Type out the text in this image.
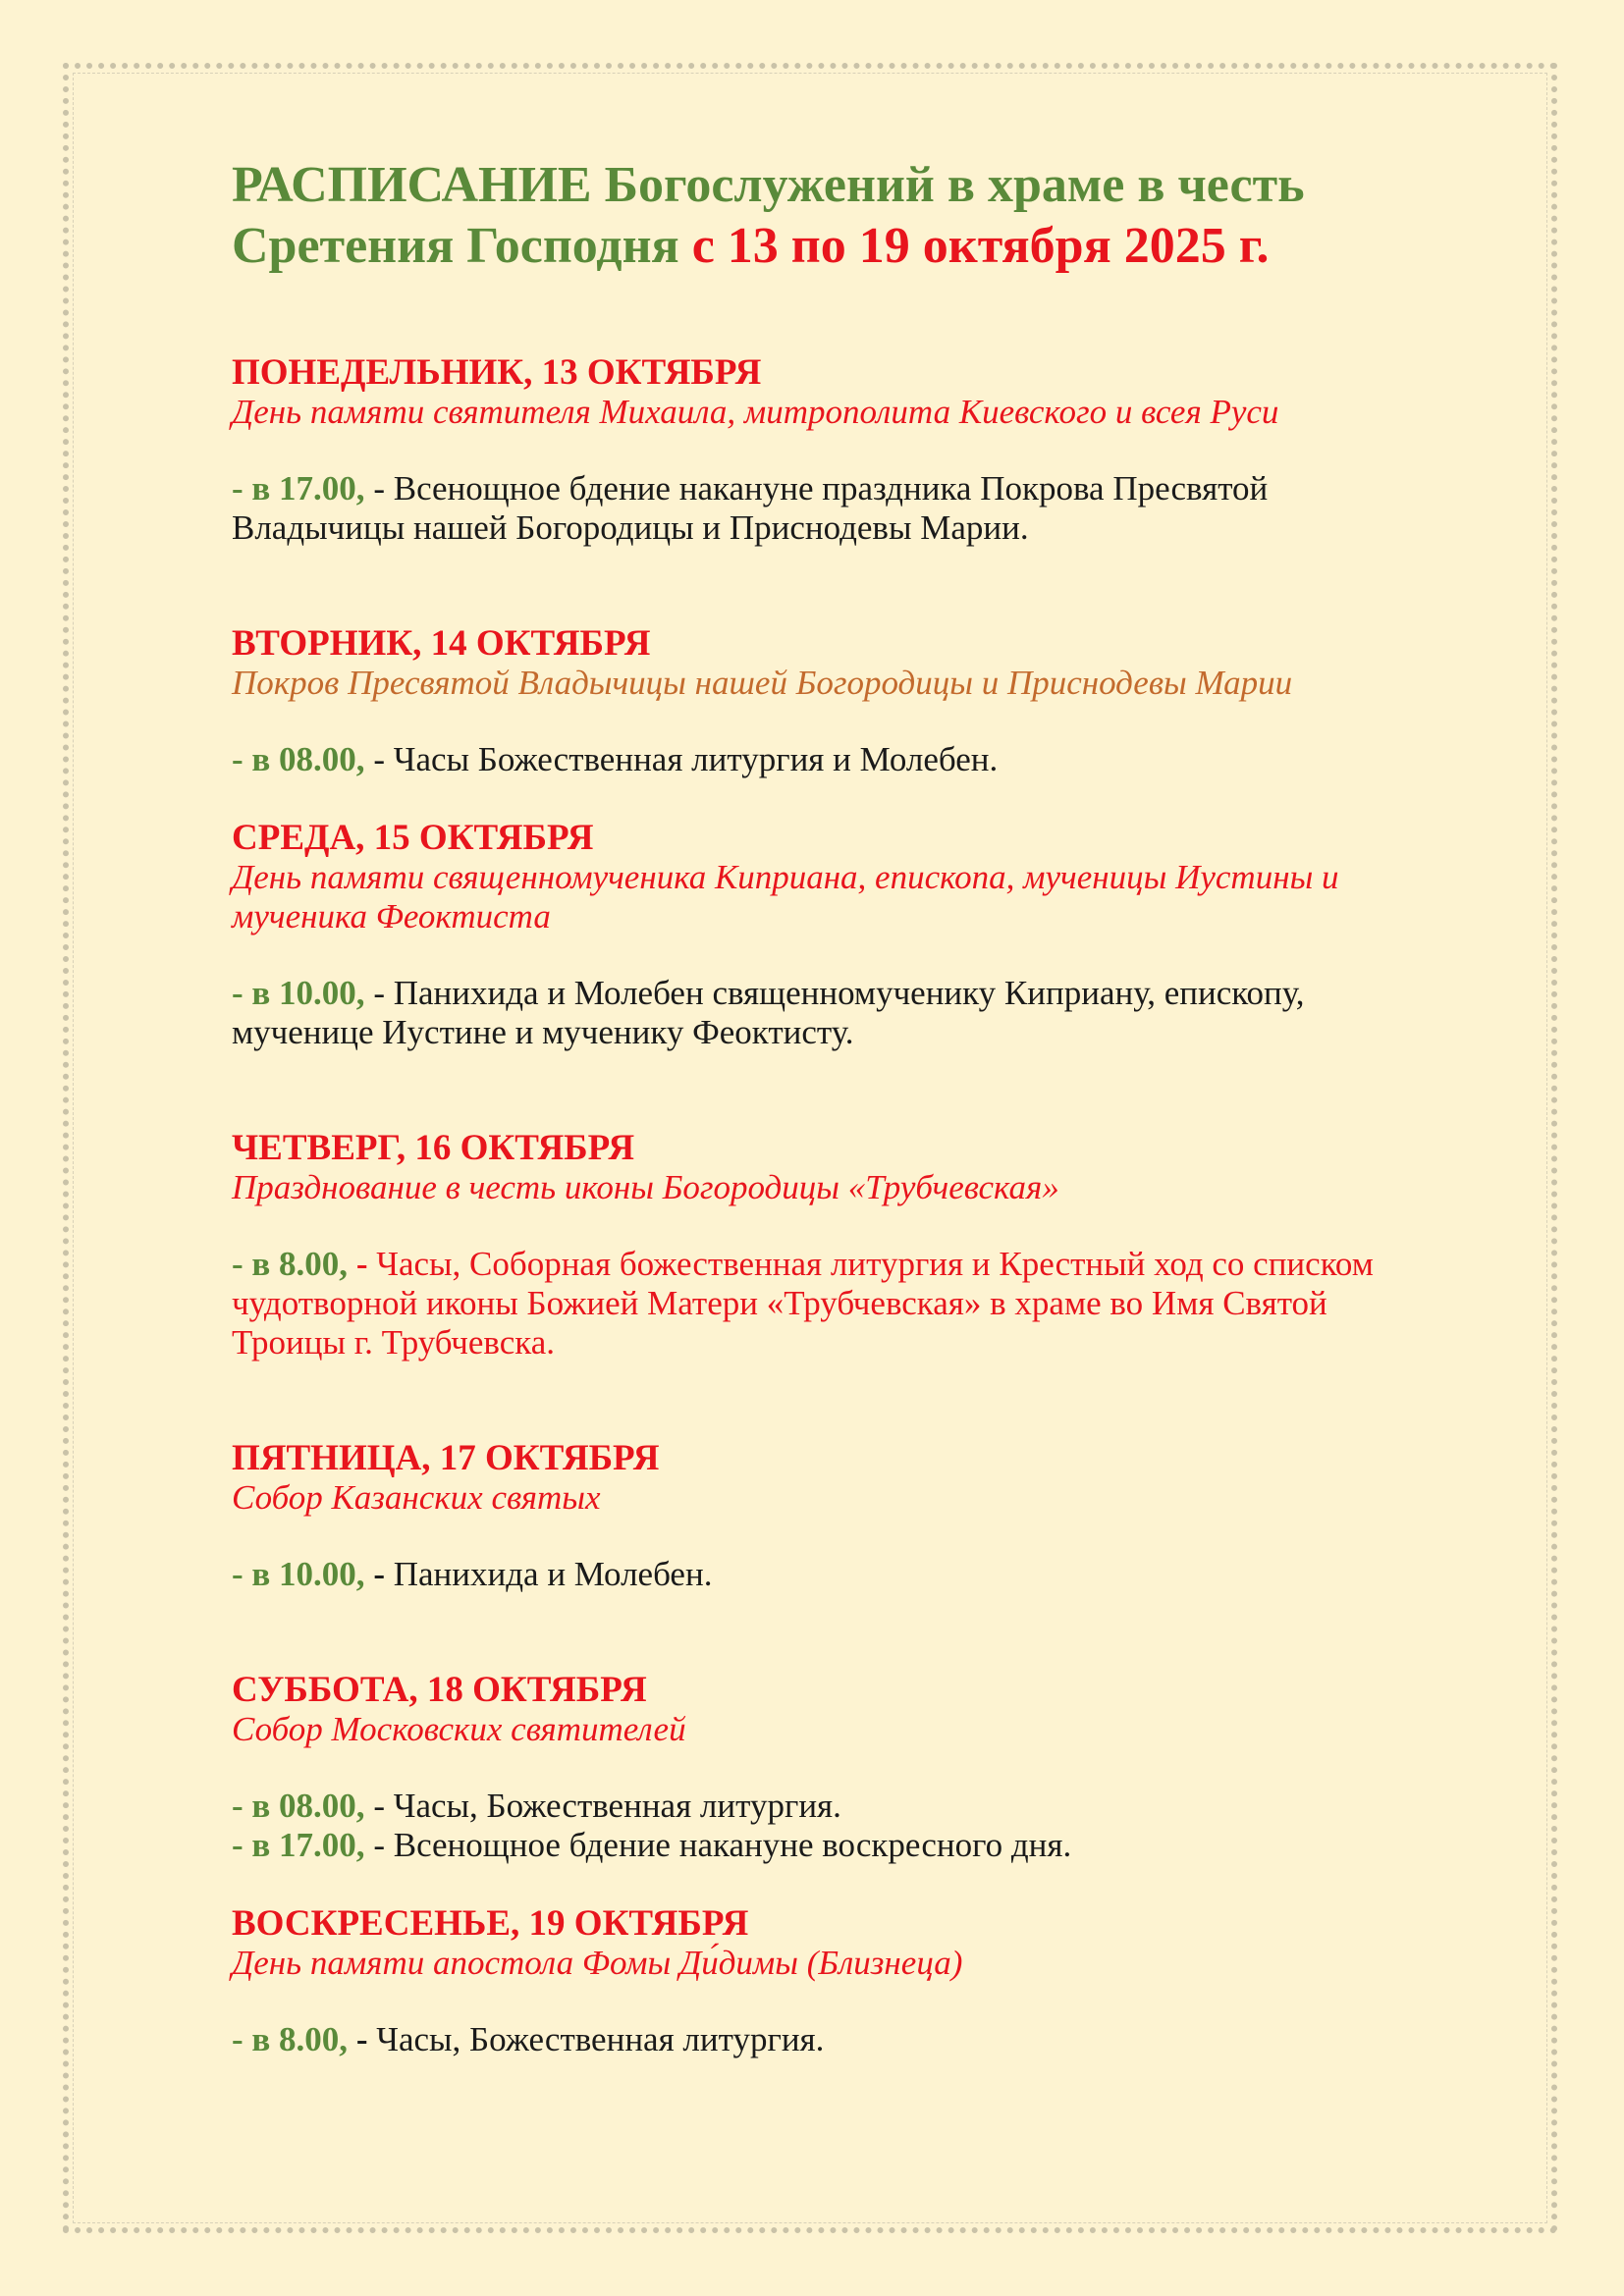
РАСПИСАНИЕ Богослужений в храме в честь
Сретения Господня с 13 по 19 октября 2025 г.
ПОНЕДЕЛЬНИК, 13 ОКТЯБРЯ
День памяти святителя Михаила, митрополита Киевского и всея Руси
- в 17.00, - Всенощное бдение накануне праздника Покрова Пресвятой
Владычицы нашей Богородицы и Приснодевы Марии.
ВТОРНИК, 14 ОКТЯБРЯ
Покров Пресвятой Владычицы нашей Богородицы и Приснодевы Марии
- в 08.00, - Часы Божественная литургия и Молебен.
СРЕДА, 15 ОКТЯБРЯ
День памяти священномученика Киприана, епископа, мученицы Иустины и
мученика Феоктиста
- в 10.00, - Панихида и Молебен священномученику Киприану, епископу,
мученице Иустине и мученику Феоктисту.
ЧЕТВЕРГ, 16 ОКТЯБРЯ
Празднование в честь иконы Богородицы «Трубчевская»
- в 8.00, - Часы, Соборная божественная литургия и Крестный ход со списком
чудотворной иконы Божией Матери «Трубчевская» в храме во Имя Святой
Троицы г. Трубчевска.
ПЯТНИЦА, 17 ОКТЯБРЯ
Собор Казанских святых
- в 10.00, - Панихида и Молебен.
СУББОТА, 18 ОКТЯБРЯ
Собор Московских святителей
- в 08.00, - Часы, Божественная литургия.
- в 17.00, - Всенощное бдение накануне воскресного дня.
ВОСКРЕСЕНЬЕ, 19 ОКТЯБРЯ
День памяти апостола Фомы Ди́димы (Близнеца)
- в 8.00, - Часы, Божественная литургия.
